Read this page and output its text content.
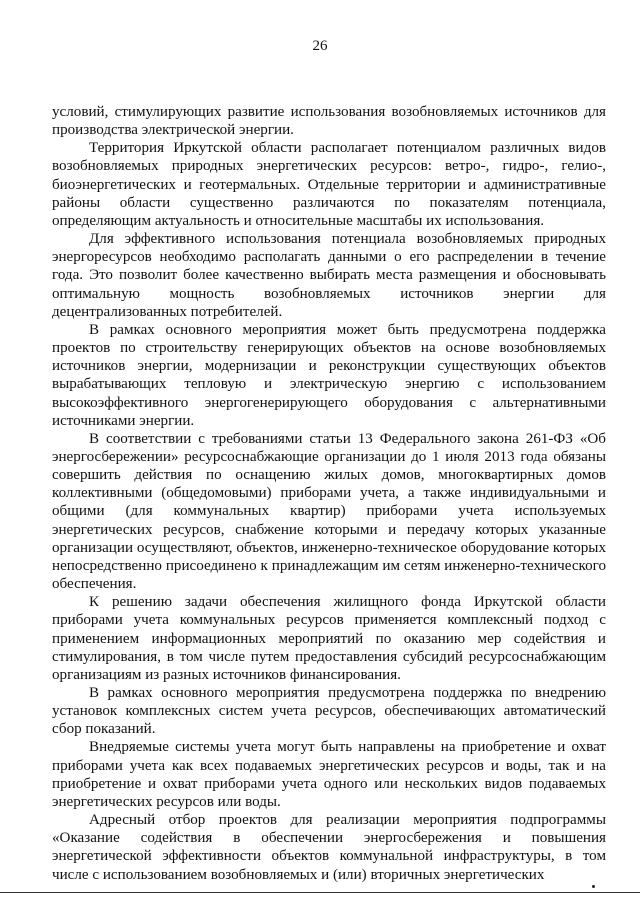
26

условий, стимулирующих развитие использования возобновляемых источников для производства электрической энергии.

Территория Иркутской области располагает потенциалом различных видов возобновляемых природных энергетических ресурсов: ветро-, гидро-, гелио-, биоэнергетических и геотермальных. Отдельные территории и административные районы области существенно различаются по показателям потенциала, определяющим актуальность и относительные масштабы их использования.

Для эффективного использования потенциала возобновляемых природных энергоресурсов необходимо располагать данными о его распределении в течение года. Это позволит более качественно выбирать места размещения и обосновывать оптимальную мощность возобновляемых источников энергии для децентрализованных потребителей.

В рамках основного мероприятия может быть предусмотрена поддержка проектов по строительству генерирующих объектов на основе возобновляемых источников энергии, модернизации и реконструкции существующих объектов вырабатывающих тепловую и электрическую энергию с использованием высокоэффективного энергогенерирующего оборудования с альтернативными источниками энергии.

В соответствии с требованиями статьи 13 Федерального закона 261-ФЗ «Об энергосбережении» ресурсоснабжающие организации до 1 июля 2013 года обязаны совершить действия по оснащению жилых домов, многоквартирных домов коллективными (общедомовыми) приборами учета, а также индивидуальными и общими (для коммунальных квартир) приборами учета используемых энергетических ресурсов, снабжение которыми и передачу которых указанные организации осуществляют, объектов, инженерно-техническое оборудование которых непосредственно присоединено к принадлежащим им сетям инженерно-технического обеспечения.

К решению задачи обеспечения жилищного фонда Иркутской области приборами учета коммунальных ресурсов применяется комплексный подход с применением информационных мероприятий по оказанию мер содействия и стимулирования, в том числе путем предоставления субсидий ресурсоснабжающим организациям из разных источников финансирования.

В рамках основного мероприятия предусмотрена поддержка по внедрению установок комплексных систем учета ресурсов, обеспечивающих автоматический сбор показаний.

Внедряемые системы учета могут быть направлены на приобретение и охват приборами учета как всех подаваемых энергетических ресурсов и воды, так и на приобретение и охват приборами учета одного или нескольких видов подаваемых энергетических ресурсов или воды.

Адресный отбор проектов для реализации мероприятия подпрограммы «Оказание содействия в обеспечении энергосбережения и повышения энергетической эффективности объектов коммунальной инфраструктуры, в том числе с использованием возобновляемых и (или) вторичных энергетических
